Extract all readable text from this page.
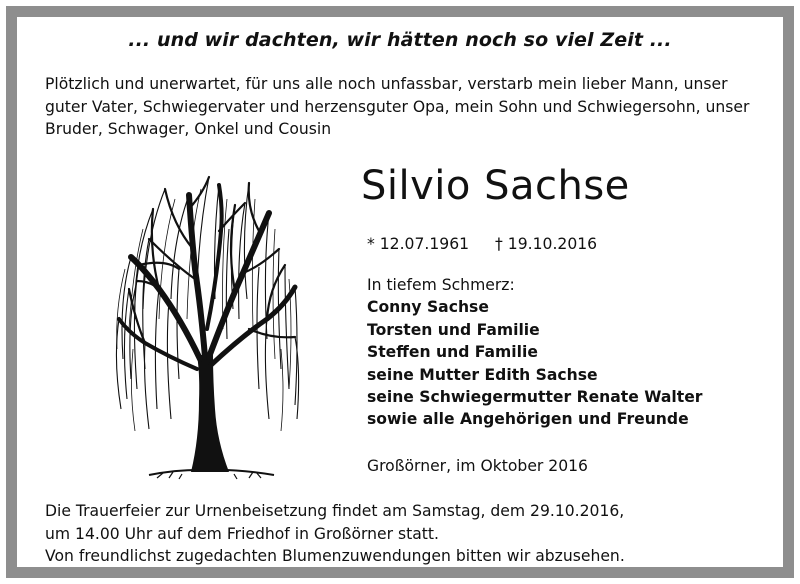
... und wir dachten, wir hätten noch so viel Zeit ...
Plötzlich und unerwartet, für uns alle noch unfassbar, verstarb mein lieber Mann, unser
guter Vater, Schwiegervater und herzensguter Opa, mein Sohn und Schwiegersohn, unser
Bruder, Schwager, Onkel und Cousin
Silvio Sachse
* 12.07.1961 † 19.10.2016
In tiefem Schmerz:
Conny Sachse
Torsten und Familie
Steffen und Familie
seine Mutter Edith Sachse
seine Schwiegermutter Renate Walter
sowie alle Angehörigen und Freunde
Großörner, im Oktober 2016
Die Trauerfeier zur Urnenbeisetzung findet am Samstag, dem 29.10.2016,
um 14.00 Uhr auf dem Friedhof in Großörner statt.
Von freundlichst zugedachten Blumenzuwendungen bitten wir abzusehen.
